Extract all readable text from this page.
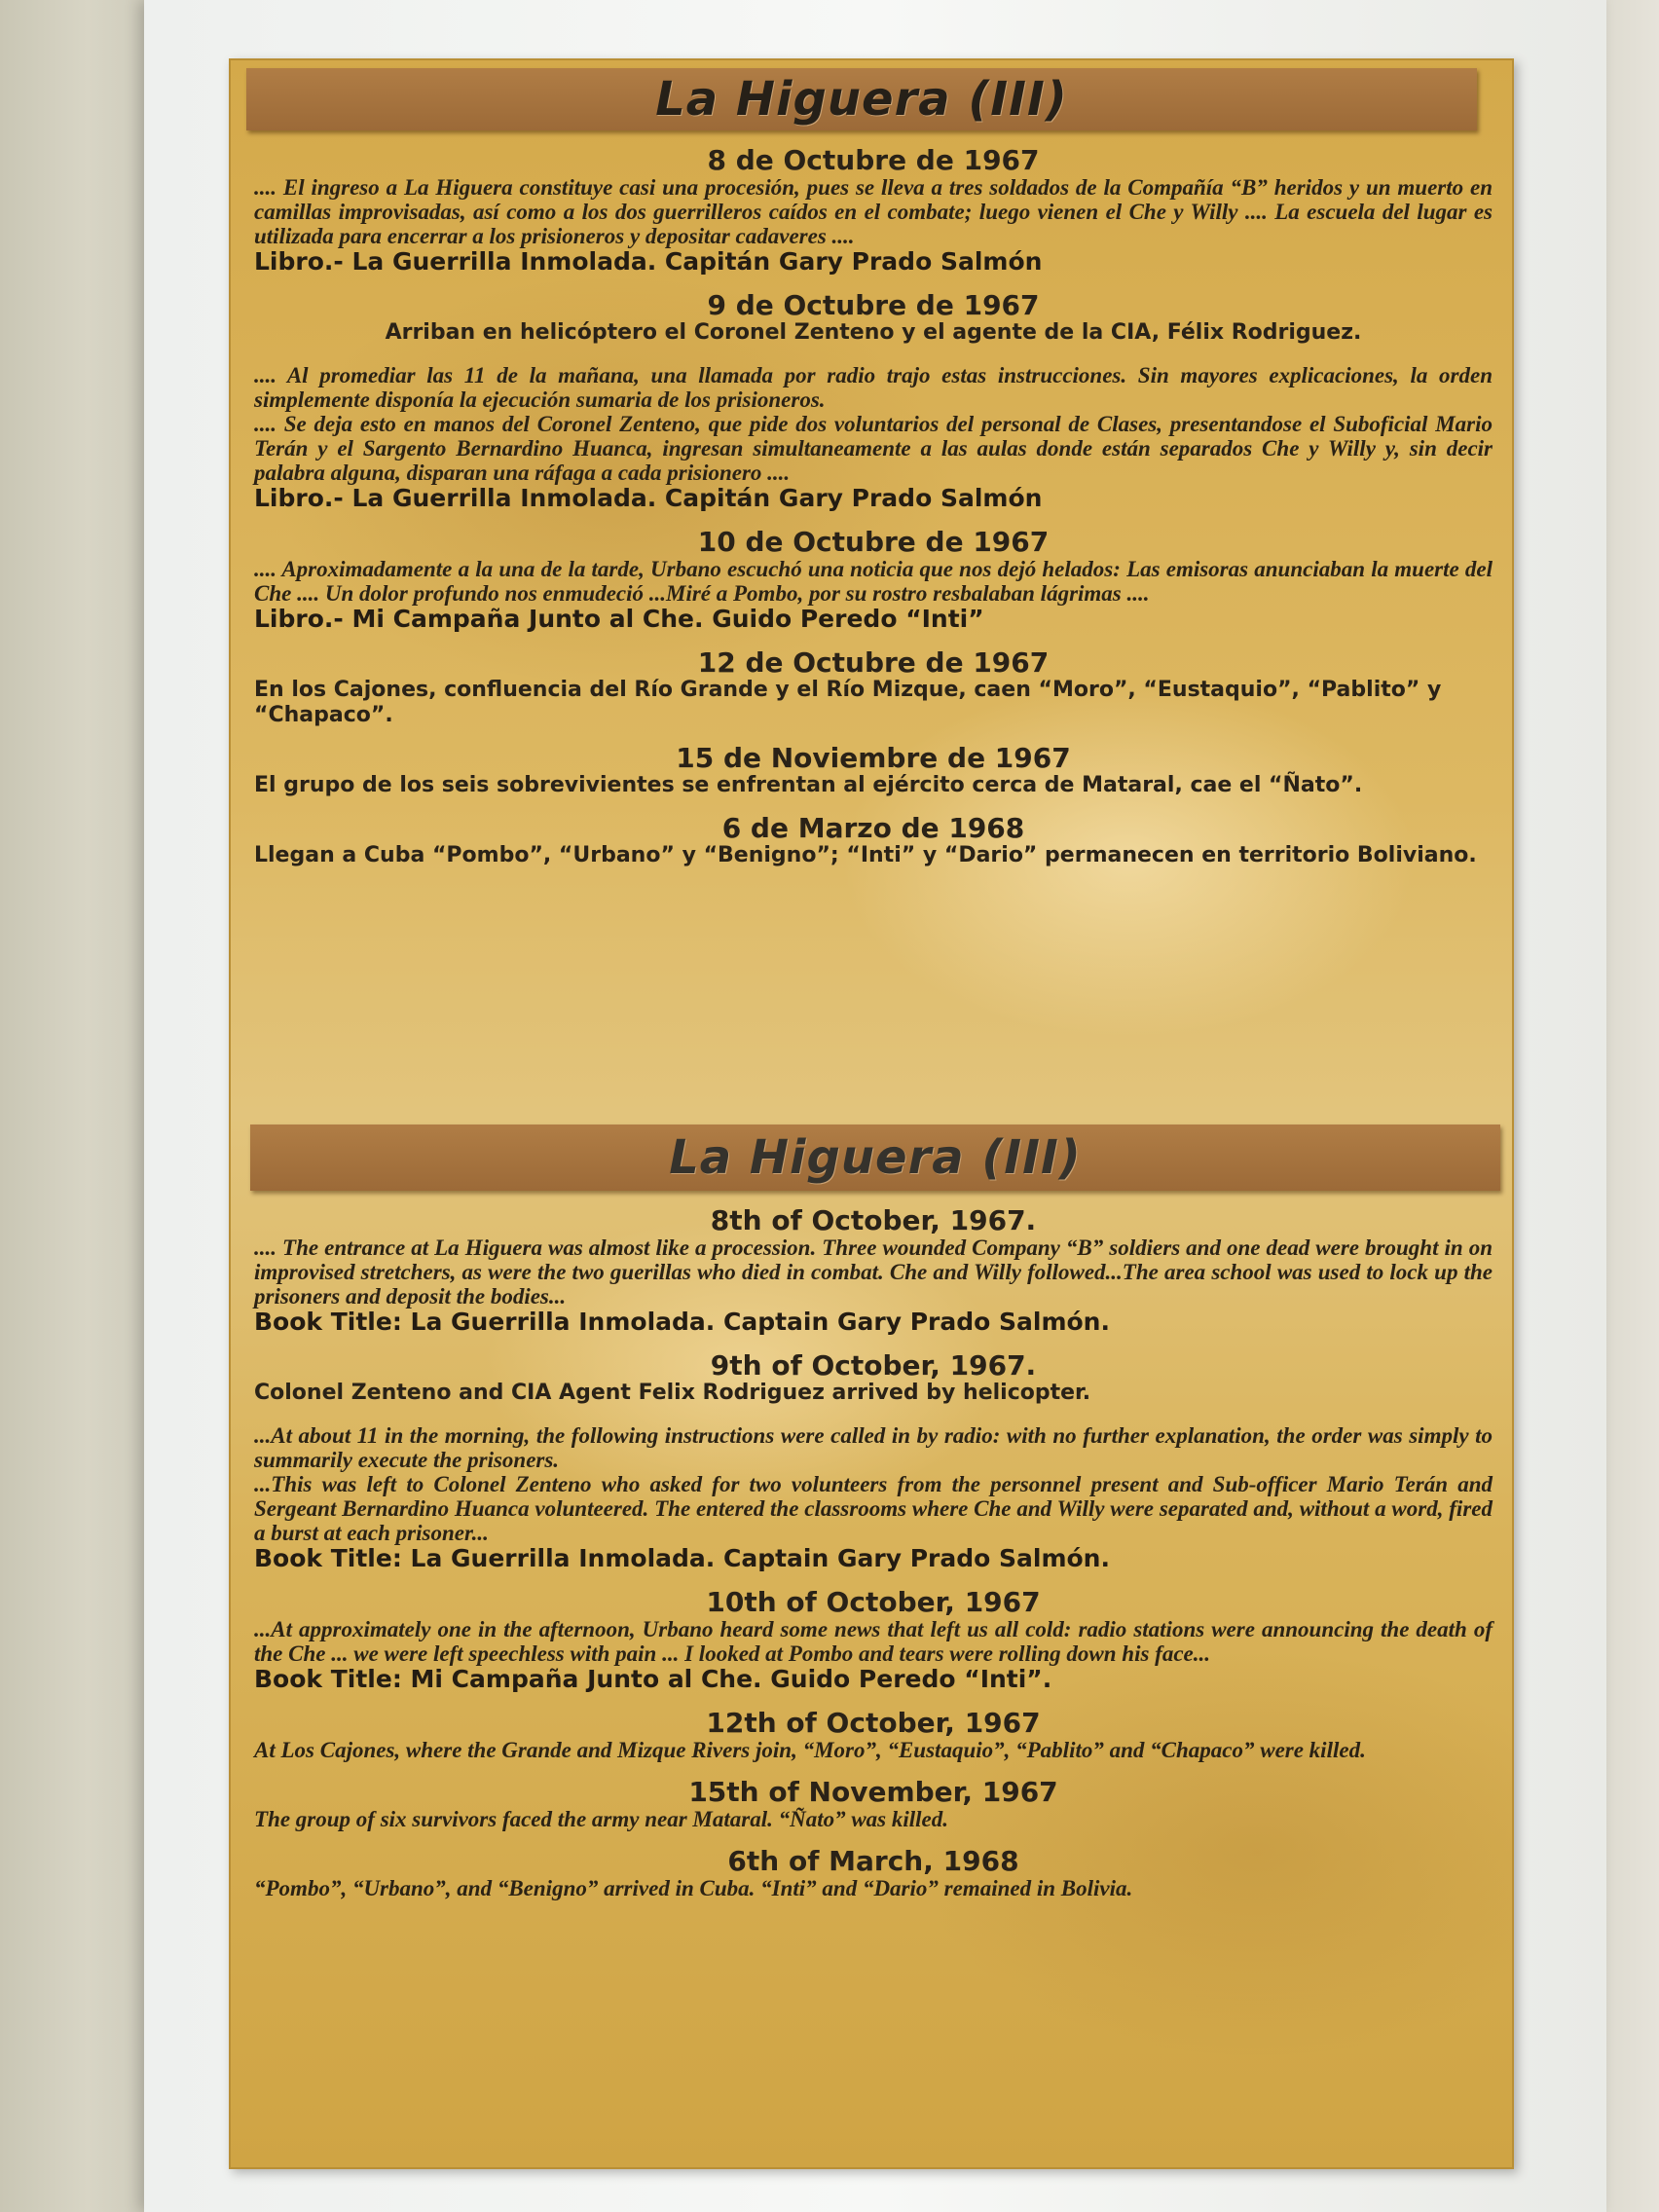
La Higuera (III)
8 de Octubre de 1967

.... El ingreso a La Higuera constituye casi una procesión, pues se lleva a tres soldados de la Compañía “B” heridos y un muerto en camillas improvisadas, así como a los dos guerrilleros caídos en el combate; luego vienen el Che y Willy .... La escuela del lugar es utilizada para encerrar a los prisioneros y depositar cadaveres ....

Libro.- La Guerrilla Inmolada. Capitán Gary Prado Salmón
9 de Octubre de 1967
Arriban en helicóptero el Coronel Zenteno y el agente de la CIA, Félix Rodriguez.

.... Al promediar las 11 de la mañana, una llamada por radio trajo estas instrucciones. Sin mayores explicaciones, la orden simplemente disponía la ejecución sumaria de los prisioneros.

.... Se deja esto en manos del Coronel Zenteno, que pide dos voluntarios del personal de Clases, presentandose el Suboficial Mario Terán y el Sargento Bernardino Huanca, ingresan simultaneamente a las aulas donde están separados Che y Willy y, sin decir palabra alguna, disparan una ráfaga a cada prisionero ....

Libro.- La Guerrilla Inmolada. Capitán Gary Prado Salmón
10 de Octubre de 1967

.... Aproximadamente a la una de la tarde, Urbano escuchó una noticia que nos dejó helados: Las emisoras anunciaban la muerte del Che .... Un dolor profundo nos enmudeció ...Miré a Pombo, por su rostro resbalaban lágrimas ....

Libro.- Mi Campaña Junto al Che. Guido Peredo “Inti”
12 de Octubre de 1967
En los Cajones, confluencia del Río Grande y el Río Mizque, caen “Moro”, “Eustaquio”, “Pablito” y “Chapaco”.
15 de Noviembre de 1967
El grupo de los seis sobrevivientes se enfrentan al ejército cerca de Mataral, cae el “Ñato”.
6 de Marzo de 1968
Llegan a Cuba “Pombo”, “Urbano” y “Benigno”; “Inti” y “Dario” permanecen en territorio Boliviano.
La Higuera (III)
8th of October, 1967.

.... The entrance at La Higuera was almost like a procession. Three wounded Company “B” soldiers and one dead were brought in on improvised stretchers, as were the two guerillas who died in combat. Che and Willy followed...The area school was used to lock up the prisoners and deposit the bodies...

Book Title: La Guerrilla Inmolada. Captain Gary Prado Salmón.
9th of October, 1967.
Colonel Zenteno and CIA Agent Felix Rodriguez arrived by helicopter.

...At about 11 in the morning, the following instructions were called in by radio: with no further explanation, the order was simply to summarily execute the prisoners.

...This was left to Colonel Zenteno who asked for two volunteers from the personnel present and Sub-officer Mario Terán and Sergeant Bernardino Huanca volunteered. The entered the classrooms where Che and Willy were separated and, without a word, fired a burst at each prisoner...

Book Title: La Guerrilla Inmolada. Captain Gary Prado Salmón.
10th of October, 1967

...At approximately one in the afternoon, Urbano heard some news that left us all cold: radio stations were announcing the death of the Che ... we were left speechless with pain ... I looked at Pombo and tears were rolling down his face...

Book Title: Mi Campaña Junto al Che. Guido Peredo “Inti”.
12th of October, 1967
At Los Cajones, where the Grande and Mizque Rivers join, “Moro”, “Eustaquio”, “Pablito” and “Chapaco” were killed.
15th of November, 1967
The group of six survivors faced the army near Mataral. “Ñato” was killed.
6th of March, 1968
“Pombo”, “Urbano”, and “Benigno” arrived in Cuba. “Inti” and “Dario” remained in Bolivia.
